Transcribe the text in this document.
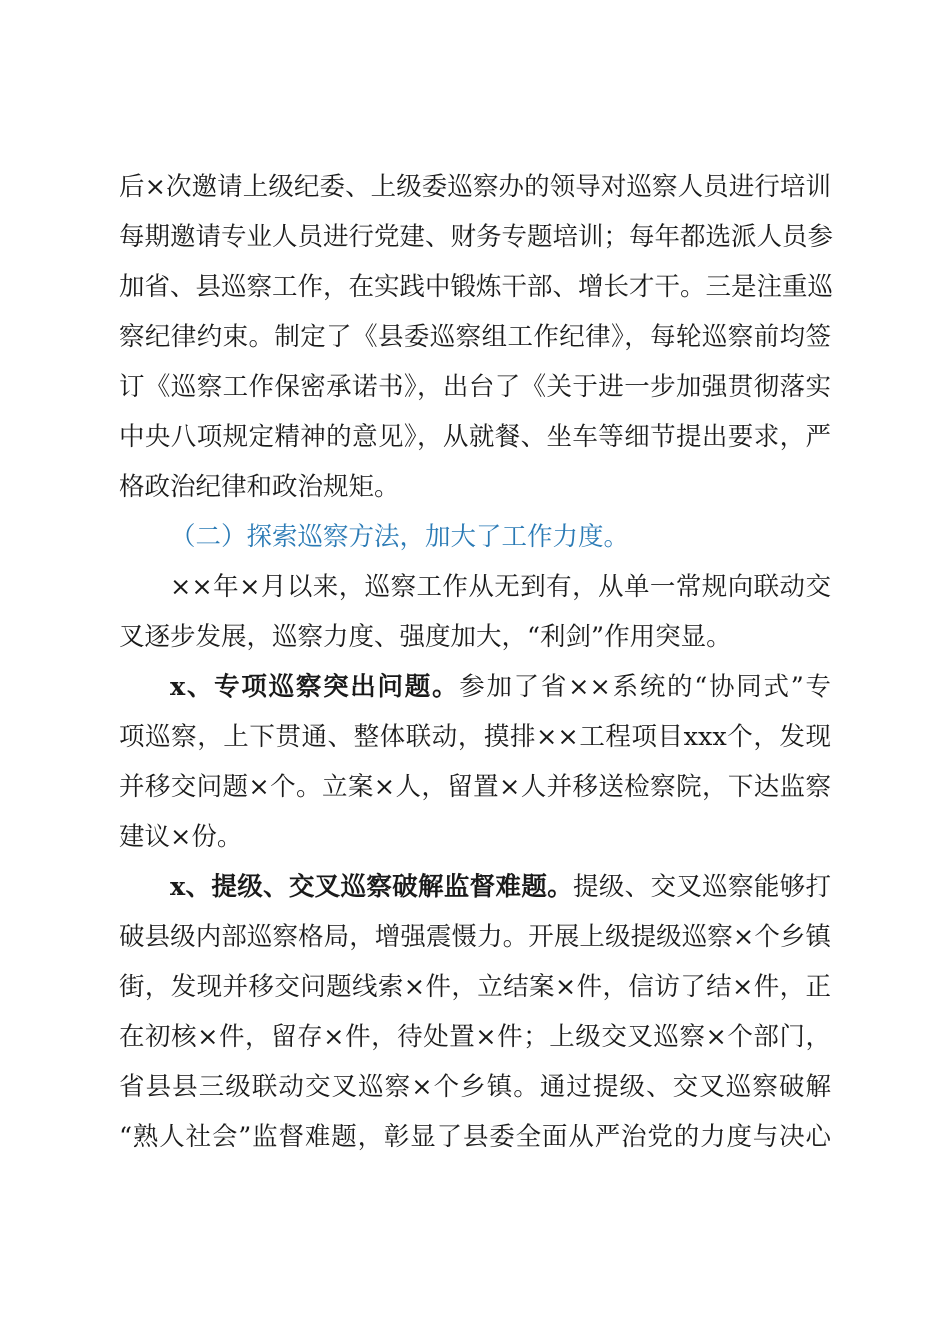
后×次邀请上级纪委、上级委巡察办的领导对巡察人员进行培训
每期邀请专业人员进行党建、财务专题培训；每年都选派人员参
加省、县巡察工作，在实践中锻炼干部、增长才干。三是注重巡
察纪律约束。制定了《县委巡察组工作纪律》，每轮巡察前均签
订《巡察工作保密承诺书》，出台了《关于进一步加强贯彻落实
中央八项规定精神的意见》，从就餐、坐车等细节提出要求，严
格政治纪律和政治规矩。
（二）探索巡察方法，加大了工作力度。
××年×月以来，巡察工作从无到有，从单一常规向联动交
叉逐步发展，巡察力度、强度加大，“利剑”作用突显。
x、专项巡察突出问题。参加了省××系统的“协同式”专
项巡察，上下贯通、整体联动，摸排××工程项目xxx个，发现
并移交问题×个。立案×人，留置×人并移送检察院，下达监察
建议×份。
x、提级、交叉巡察破解监督难题。提级、交叉巡察能够打
破县级内部巡察格局，增强震慑力。开展上级提级巡察×个乡镇
街，发现并移交问题线索×件，立结案×件，信访了结×件，正
在初核×件，留存×件，待处置×件；上级交叉巡察×个部门，
省县县三级联动交叉巡察×个乡镇。通过提级、交叉巡察破解
“熟人社会”监督难题，彰显了县委全面从严治党的力度与决心
